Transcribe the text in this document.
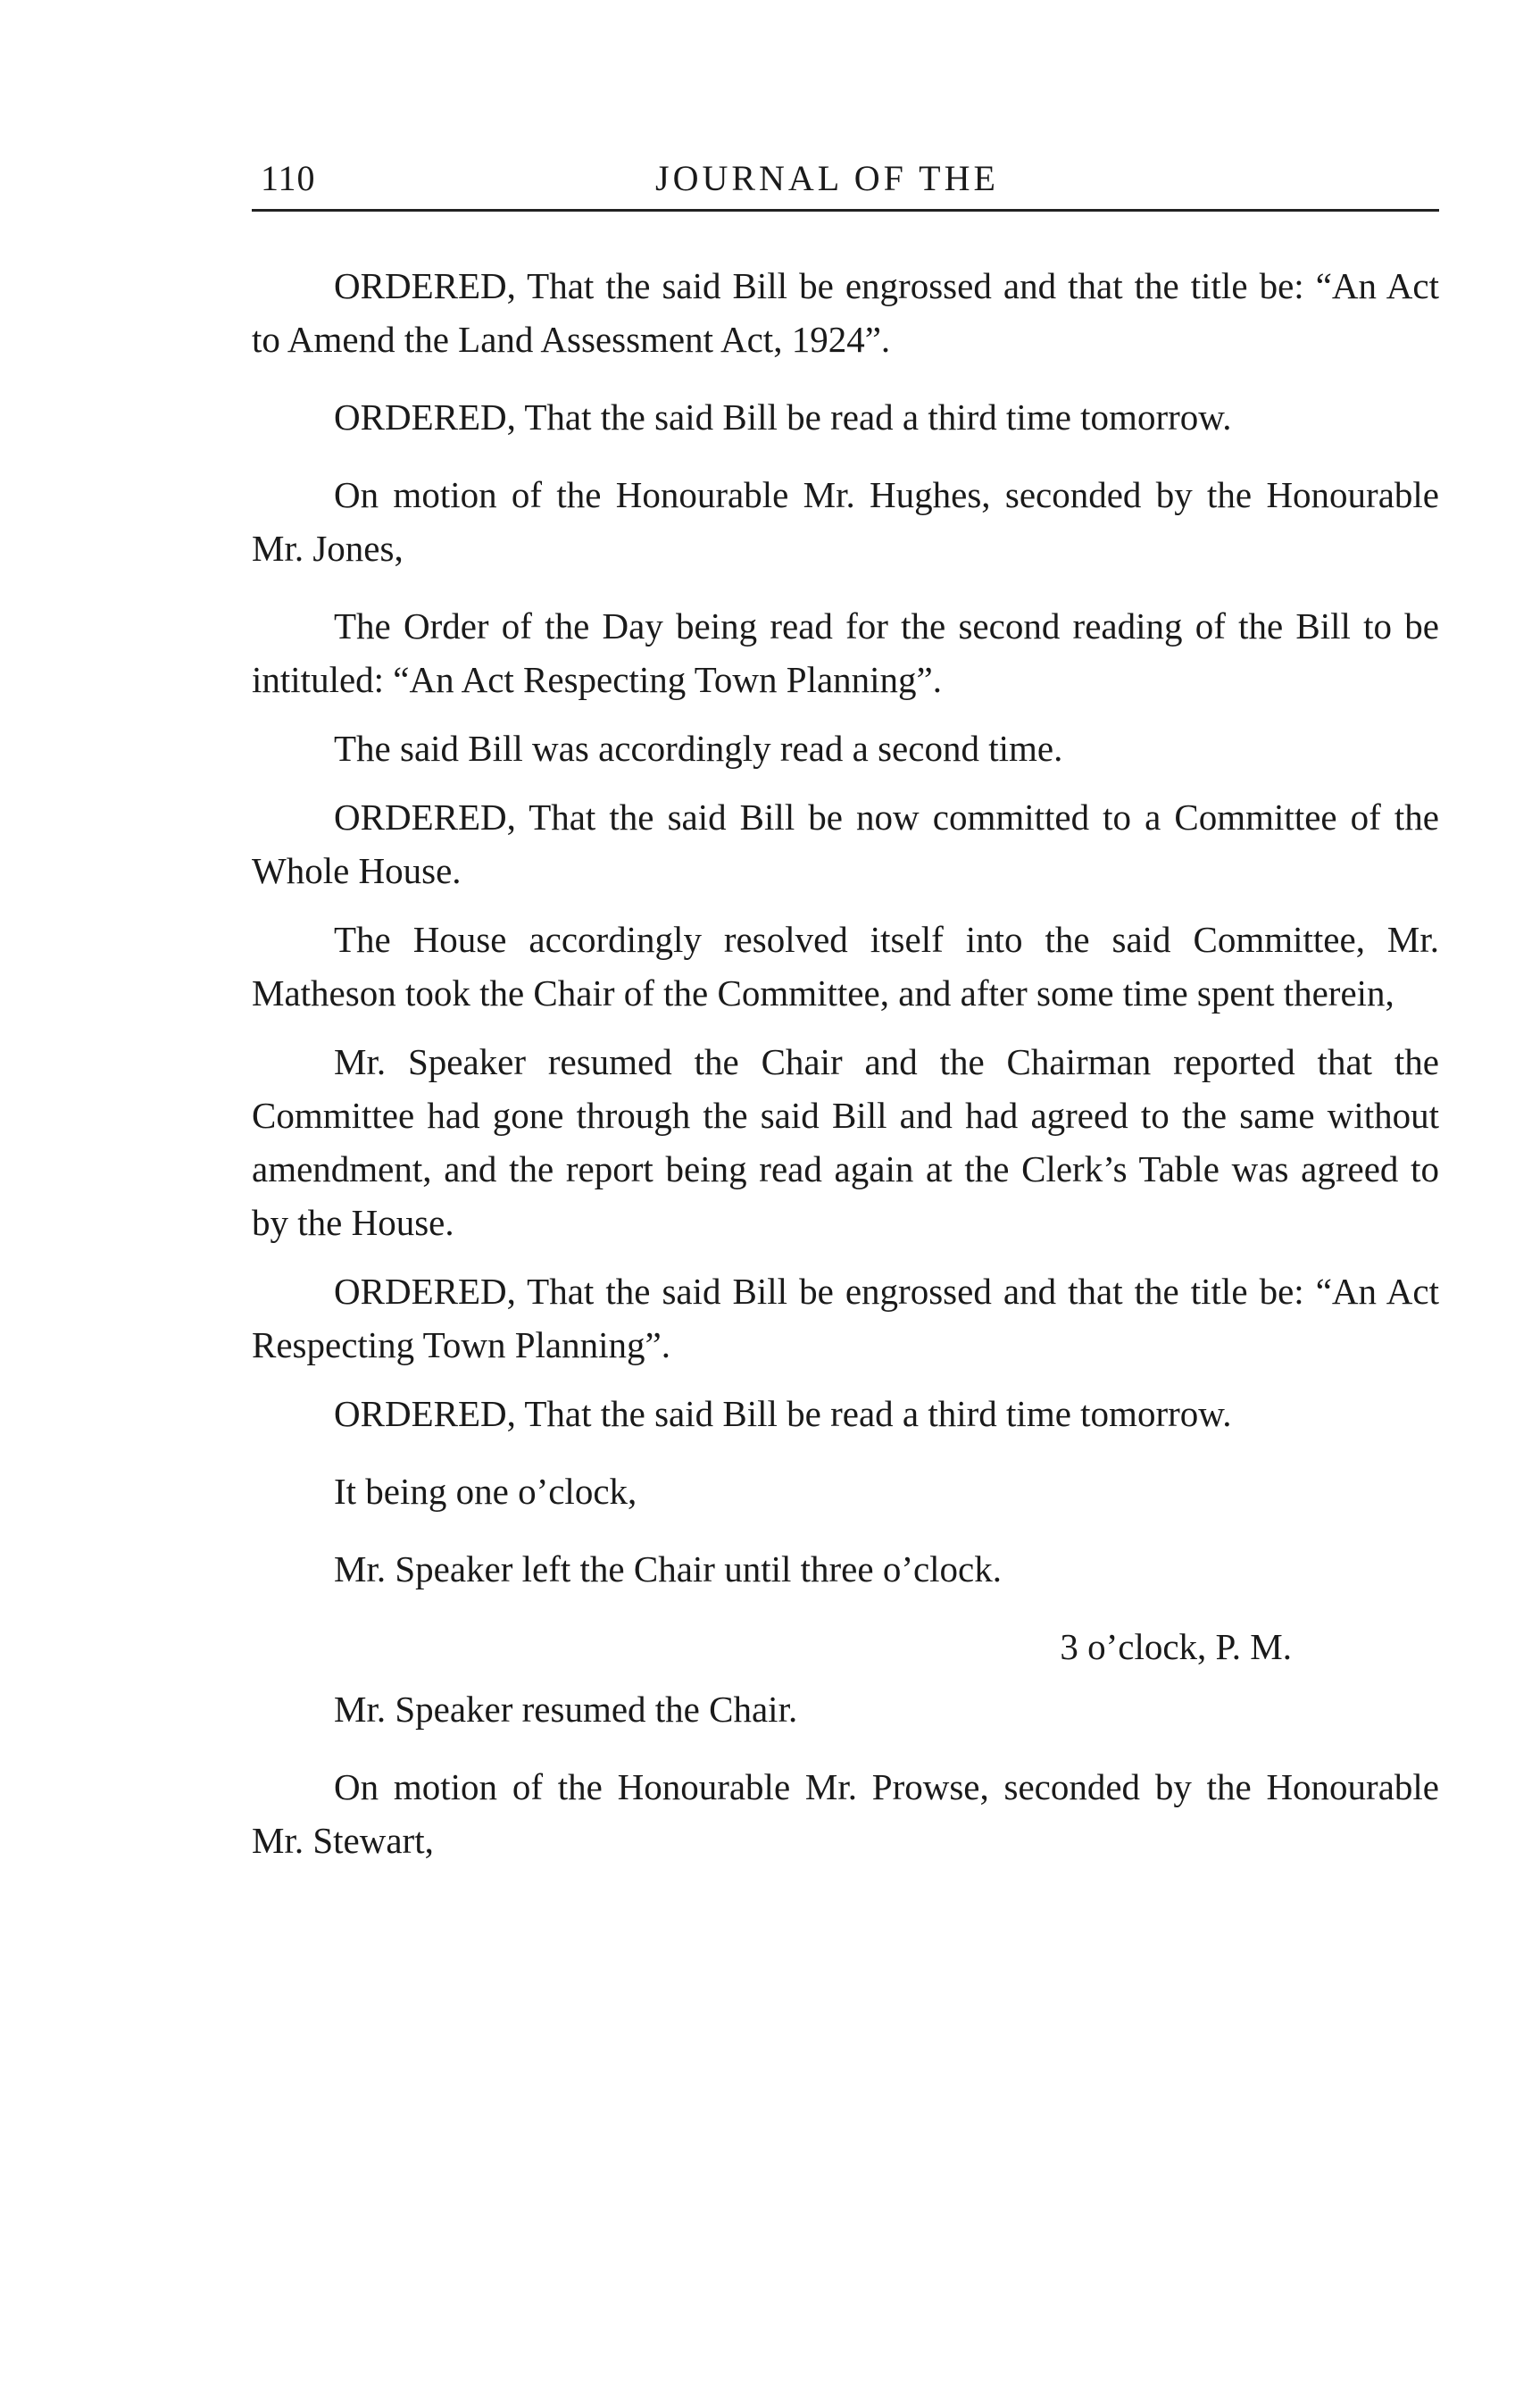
110	JOURNAL OF THE

ORDERED, That the said Bill be engrossed and that the title be: “An Act to Amend the Land Assessment Act, 1924”.

ORDERED, That the said Bill be read a third time tomorrow.

On motion of the Honourable Mr. Hughes, seconded by the Honourable Mr. Jones,

The Order of the Day being read for the second reading of the Bill to be intituled: “An Act Respecting Town Planning”.

The said Bill was accordingly read a second time.

ORDERED, That the said Bill be now committed to a Committee of the Whole House.

The House accordingly resolved itself into the said Committee, Mr. Matheson took the Chair of the Committee, and after some time spent therein,

Mr. Speaker resumed the Chair and the Chairman reported that the Committee had gone through the said Bill and had agreed to the same without amendment, and the report being read again at the Clerk’s Table was agreed to by the House.

ORDERED, That the said Bill be engrossed and that the title be: “An Act Respecting Town Planning”.

ORDERED, That the said Bill be read a third time tomorrow.

It being one o’clock,

Mr. Speaker left the Chair until three o’clock.

3 o’clock, P. M.

Mr. Speaker resumed the Chair.

On motion of the Honourable Mr. Prowse, seconded by the Honourable Mr. Stewart,
